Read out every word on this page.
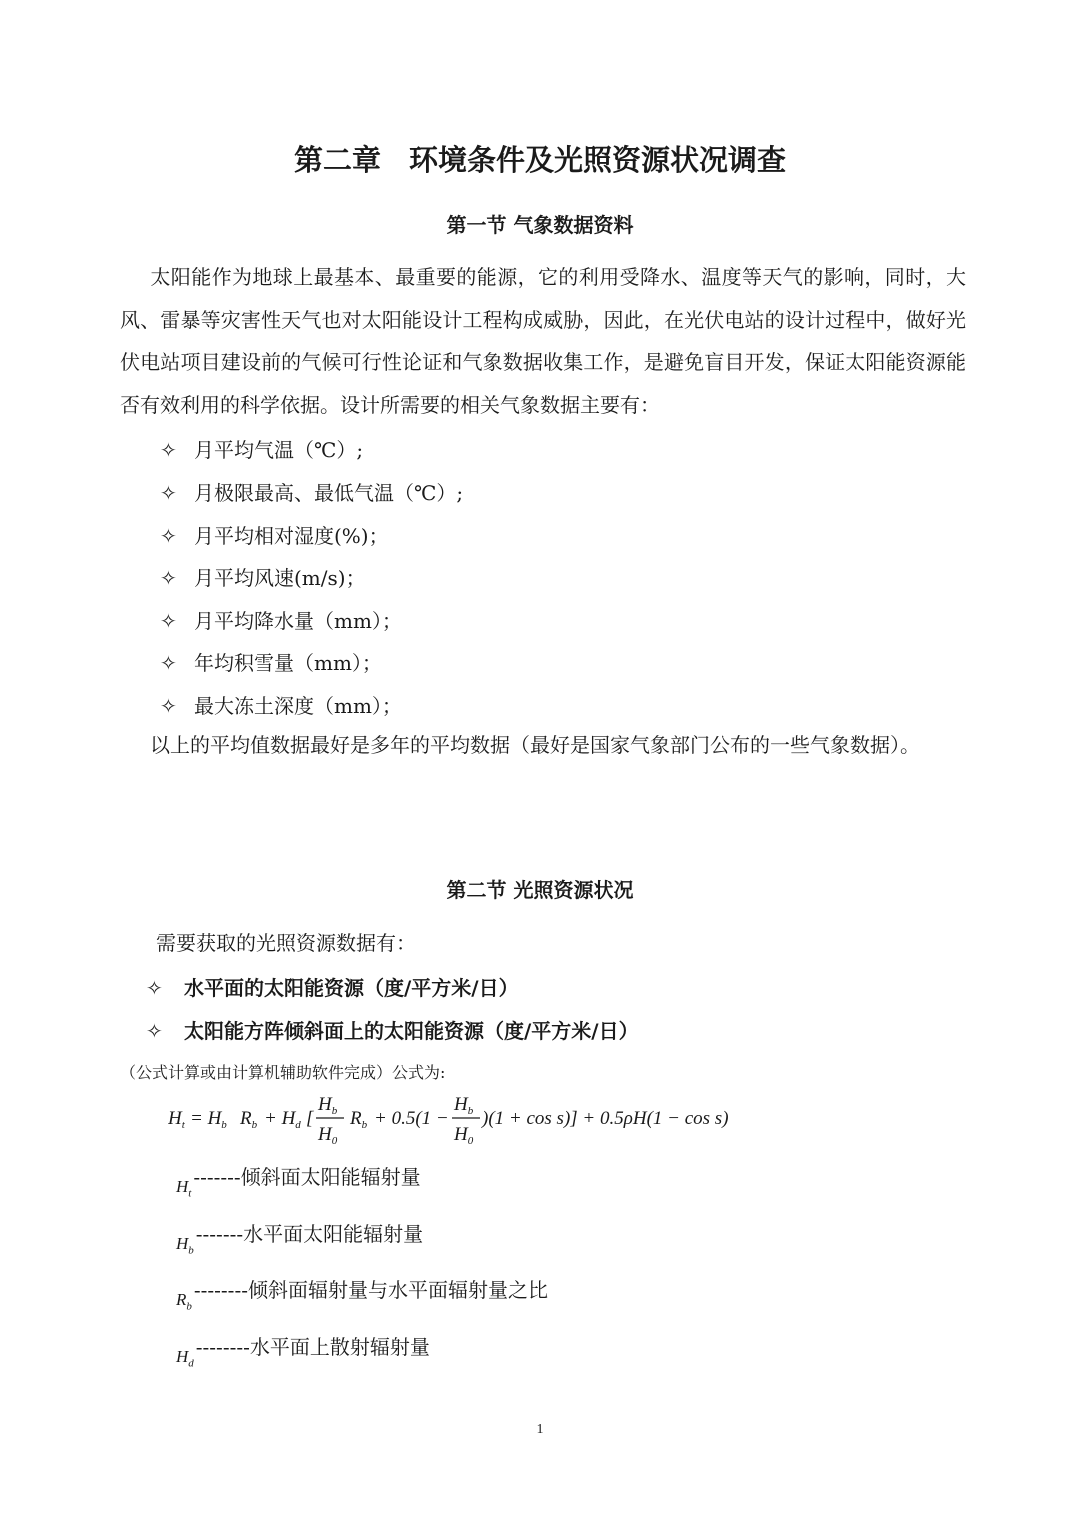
第二章 环境条件及光照资源状况调查
第一节 气象数据资料
太阳能作为地球上最基本、最重要的能源，它的利用受降水、温度等天气的影响，同时，大风、雷暴等灾害性天气也对太阳能设计工程构成威胁，因此，在光伏电站的设计过程中，做好光伏电站项目建设前的气候可行性论证和气象数据收集工作，是避免盲目开发，保证太阳能资源能否有效利用的科学依据。设计所需要的相关气象数据主要有：
✧ 月平均气温（℃）;
✧ 月极限最高、最低气温（℃）;
✧ 月平均相对湿度(%)；
✧ 月平均风速(m/s)；
✧ 月平均降水量（mm）；
✧ 年均积雪量（mm）；
✧ 最大冻土深度（mm）；
以上的平均值数据最好是多年的平均数据（最好是国家气象部门公布的一些气象数据）。
第二节 光照资源状况
需要获取的光照资源数据有：
✧ 水平面的太阳能资源（度/平方米/日）
✧ 太阳能方阵倾斜面上的太阳能资源（度/平方米/日）
（公式计算或由计算机辅助软件完成）公式为:
$H_t = H_b$ $R_b + H_d$ [
$H_b$
$H_0$
$R_b + 0.5(1$ −
$H_b$
$H_0$
)(1 + cos s)] + 0.5ρH(1 − cos s)
$H_t-------$倾斜面太阳能辐射量
$H_b-------$水平面太阳能辐射量
$R_b--------$倾斜面辐射量与水平面辐射量之比
$H_d--------$水平面上散射辐射量
1
